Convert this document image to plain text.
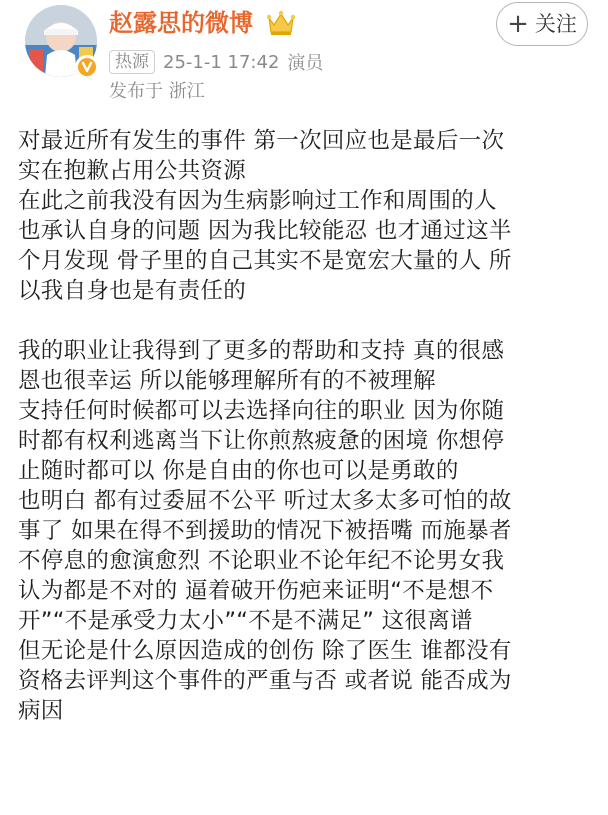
赵露思的微博	+ 关注
热源 25-1-1 17:42 演员
发布于 浙江
对最近所有发生的事件 第一次回应也是最后一次
实在抱歉占用公共资源
在此之前我没有因为生病影响过工作和周围的人
也承认自身的问题 因为我比较能忍 也才通过这半
个月发现 骨子里的自己其实不是宽宏大量的人 所
以我自身也是有责任的
我的职业让我得到了更多的帮助和支持 真的很感
恩也很幸运 所以能够理解所有的不被理解
支持任何时候都可以去选择向往的职业 因为你随
时都有权利逃离当下让你煎熬疲惫的困境 你想停
止随时都可以 你是自由的你也可以是勇敢的
也明白 都有过委屈不公平 听过太多太多可怕的故
事了 如果在得不到援助的情况下被捂嘴 而施暴者
不停息的愈演愈烈 不论职业不论年纪不论男女我
认为都是不对的 逼着破开伤疤来证明“不是想不
开”“不是承受力太小”“不是不满足” 这很离谱
但无论是什么原因造成的创伤 除了医生 谁都没有
资格去评判这个事件的严重与否 或者说 能否成为
病因
